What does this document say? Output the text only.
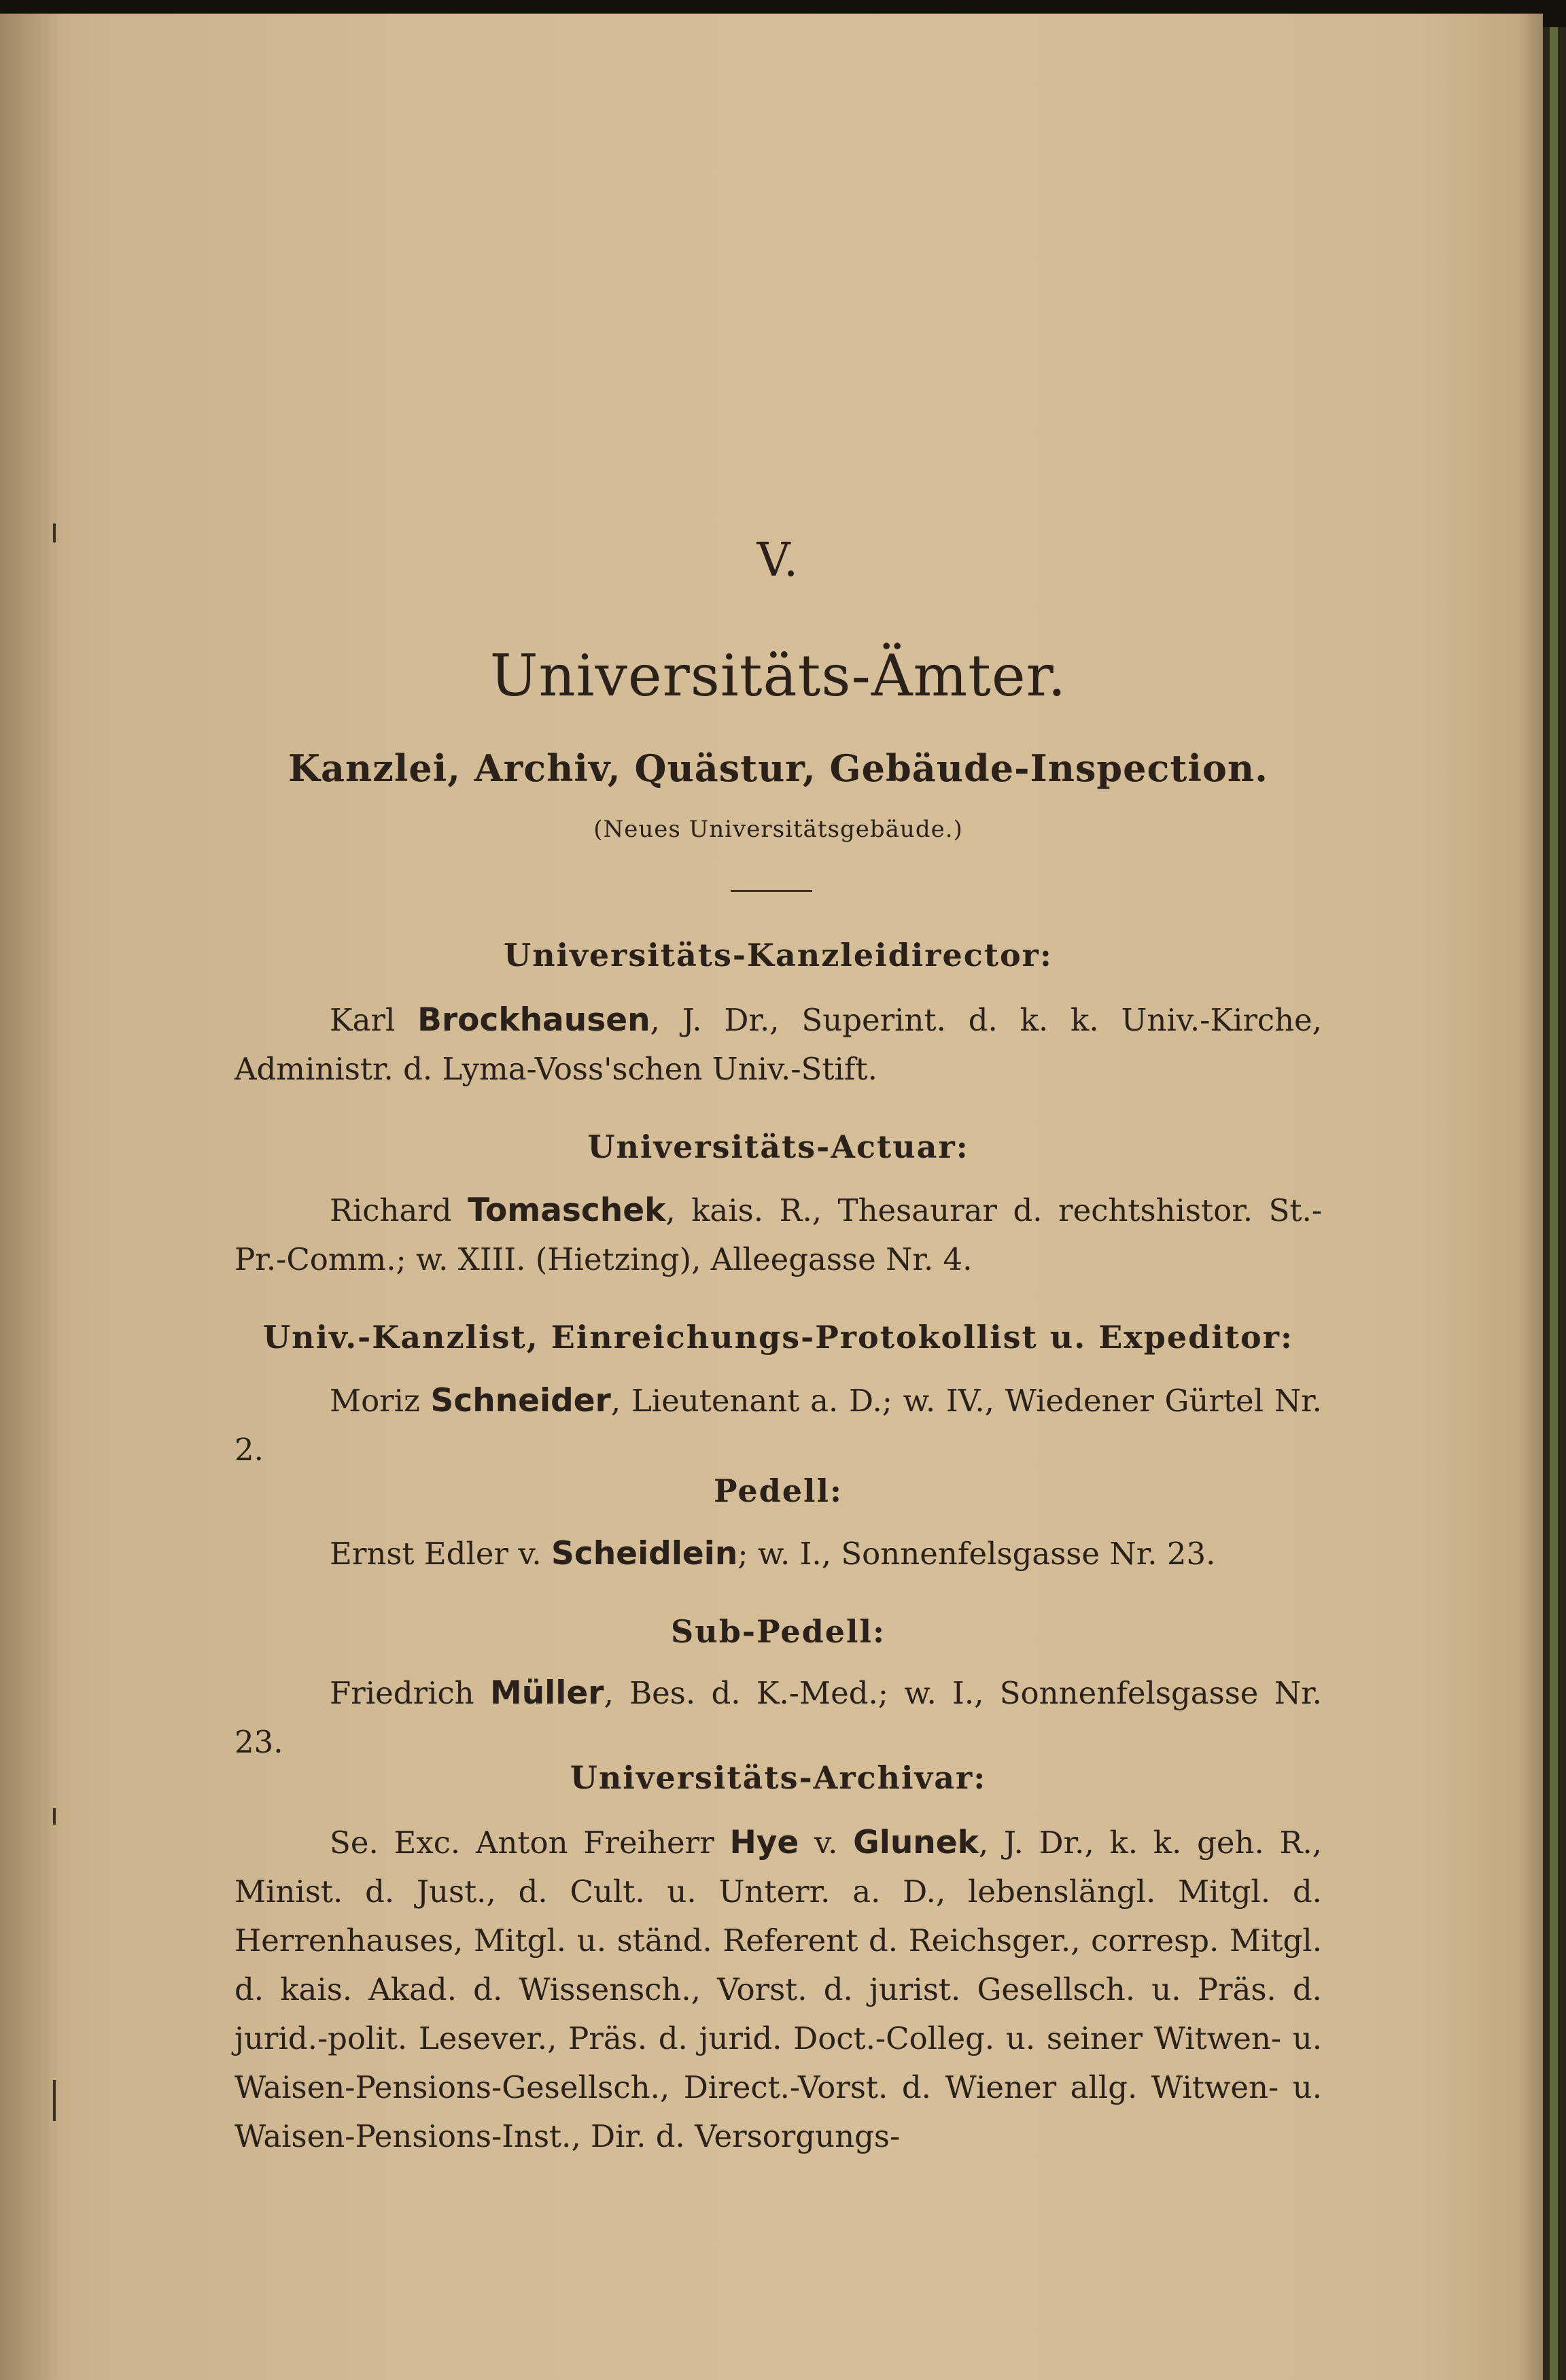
V.
Universitäts-Ämter.
Kanzlei, Archiv, Quästur, Gebäude-Inspection.
(Neues Universitätsgebäude.)
Universitäts-Kanzleidirector:
Karl Brockhausen, J. Dr., Superint. d. k. k. Univ.-Kirche, Administr. d. Lyma-Voss'schen Univ.-Stift.
Universitäts-Actuar:
Richard Tomaschek, kais. R., Thesaurar d. rechtshistor. St.-Pr.-Comm.; w. XIII. (Hietzing), Alleegasse Nr. 4.
Univ.-Kanzlist, Einreichungs-Protokollist u. Expeditor:
Moriz Schneider, Lieutenant a. D.; w. IV., Wiedener Gürtel Nr. 2.
Pedell:
Ernst Edler v. Scheidlein; w. I., Sonnenfelsgasse Nr. 23.
Sub-Pedell:
Friedrich Müller, Bes. d. K.-Med.; w. I., Sonnenfelsgasse Nr. 23.
Universitäts-Archivar:
Se. Exc. Anton Freiherr Hye v. Glunek, J. Dr., k. k. geh. R., Minist. d. Just., d. Cult. u. Unterr. a. D., lebenslängl. Mitgl. d. Herrenhauses, Mitgl. u. ständ. Referent d. Reichsger., corresp. Mitgl. d. kais. Akad. d. Wissensch., Vorst. d. jurist. Gesellsch. u. Präs. d. jurid.-polit. Lesever., Präs. d. jurid. Doct.-Colleg. u. seiner Witwen- u. Waisen-Pensions-Gesellsch., Direct.-Vorst. d. Wiener allg. Witwen- u. Waisen-Pensions-Inst., Dir. d. Versorgungs-
